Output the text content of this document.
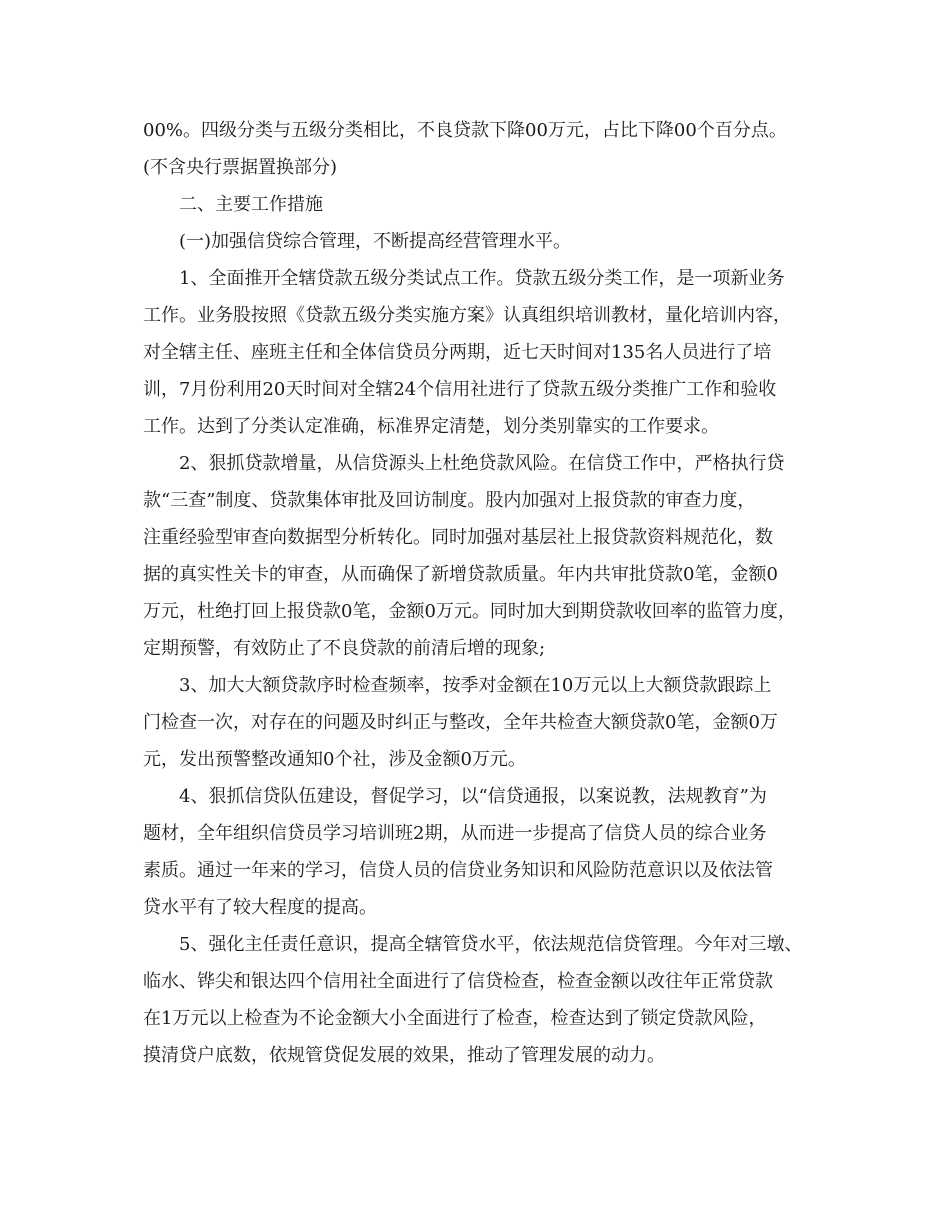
00%。四级分类与五级分类相比，不良贷款下降00万元，占比下降00个百分点。
(不含央行票据置换部分)
二、主要工作措施
(一)加强信贷综合管理，不断提高经营管理水平。
1、全面推开全辖贷款五级分类试点工作。贷款五级分类工作，是一项新业务
工作。业务股按照《贷款五级分类实施方案》认真组织培训教材，量化培训内容，
对全辖主任、座班主任和全体信贷员分两期，近七天时间对135名人员进行了培
训，7月份利用20天时间对全辖24个信用社进行了贷款五级分类推广工作和验收
工作。达到了分类认定准确，标准界定清楚，划分类别靠实的工作要求。
2、狠抓贷款增量，从信贷源头上杜绝贷款风险。在信贷工作中，严格执行贷
款“三查”制度、贷款集体审批及回访制度。股内加强对上报贷款的审查力度，
注重经验型审查向数据型分析转化。同时加强对基层社上报贷款资料规范化，数
据的真实性关卡的审查，从而确保了新增贷款质量。年内共审批贷款0笔，金额0
万元，杜绝打回上报贷款0笔，金额0万元。同时加大到期贷款收回率的监管力度，
定期预警，有效防止了不良贷款的前清后增的现象;
3、加大大额贷款序时检查频率，按季对金额在10万元以上大额贷款跟踪上
门检查一次，对存在的问题及时纠正与整改，全年共检查大额贷款0笔，金额0万
元，发出预警整改通知0个社，涉及金额0万元。
4、狠抓信贷队伍建设，督促学习，以“信贷通报，以案说教，法规教育”为
题材，全年组织信贷员学习培训班2期，从而进一步提高了信贷人员的综合业务
素质。通过一年来的学习，信贷人员的信贷业务知识和风险防范意识以及依法管
贷水平有了较大程度的提高。
5、强化主任责任意识，提高全辖管贷水平，依法规范信贷管理。今年对三墩、
临水、铧尖和银达四个信用社全面进行了信贷检查，检查金额以改往年正常贷款
在1万元以上检查为不论金额大小全面进行了检查，检查达到了锁定贷款风险，
摸清贷户底数，依规管贷促发展的效果，推动了管理发展的动力。
